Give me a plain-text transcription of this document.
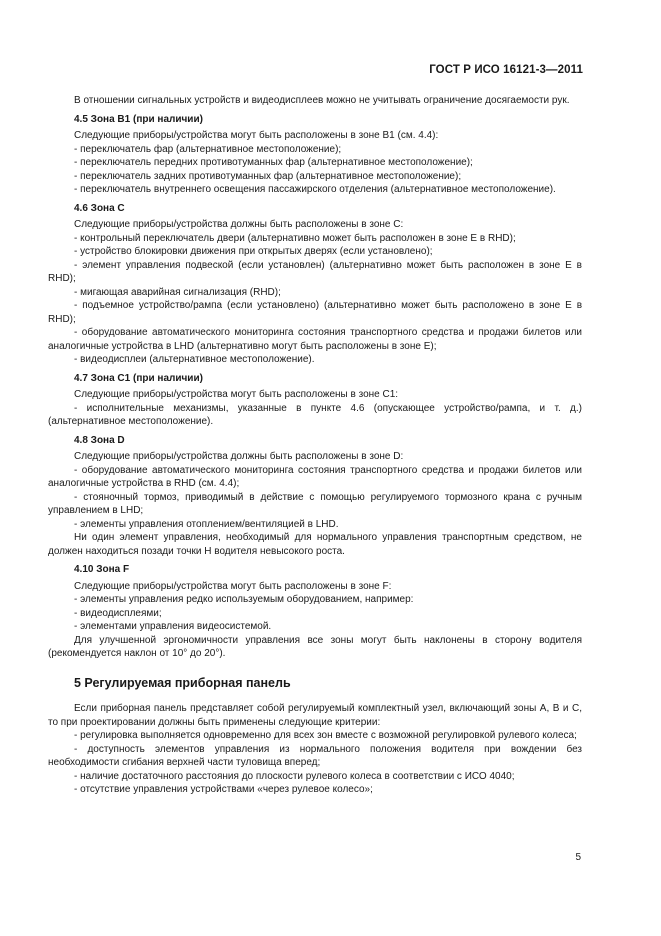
ГОСТ Р ИСО 16121-3—2011

В отношении сигнальных устройств и видеодисплеев можно не учитывать ограничение досягаемости рук.

4.5 Зона B1 (при наличии)

Следующие приборы/устройства могут быть расположены в зоне B1 (см. 4.4):

- переключатель фар (альтернативное местоположение);

- переключатель передних противотуманных фар (альтернативное местоположение);

- переключатель задних противотуманных фар (альтернативное местоположение);

- переключатель внутреннего освещения пассажирского отделения (альтернативное местоположение).

4.6 Зона C

Следующие приборы/устройства должны быть расположены в зоне C:

- контрольный переключатель двери (альтернативно может быть расположен в зоне E в RHD);

- устройство блокировки движения при открытых дверях (если установлено);

- элемент управления подвеской (если установлен) (альтернативно может быть расположен в зоне E в RHD);

- мигающая аварийная сигнализация (RHD);

- подъемное устройство/рампа (если установлено) (альтернативно может быть расположено в зоне E в RHD);

- оборудование автоматического мониторинга состояния транспортного средства и продажи билетов или аналогичные устройства в LHD (альтернативно могут быть расположены в зоне E);

- видеодисплеи (альтернативное местоположение).

4.7 Зона C1 (при наличии)

Следующие приборы/устройства могут быть расположены в зоне C1:

- исполнительные механизмы, указанные в пункте 4.6 (опускающее устройство/рампа, и т. д.) (альтернативное местоположение).

4.8 Зона D

Следующие приборы/устройства должны быть расположены в зоне D:

- оборудование автоматического мониторинга состояния транспортного средства и продажи билетов или аналогичные устройства в RHD (см. 4.4);

- стояночный тормоз, приводимый в действие с помощью регулируемого тормозного крана с ручным управлением в LHD;

- элементы управления отоплением/вентиляцией в LHD.

Ни один элемент управления, необходимый для нормального управления транспортным средством, не должен находиться позади точки H водителя невысокого роста.

4.10 Зона F

Следующие приборы/устройства могут быть расположены в зоне F:

- элементы управления редко используемым оборудованием, например:

- видеодисплеями;

- элементами управления видеосистемой.

Для улучшенной эргономичности управления все зоны могут быть наклонены в сторону водителя (рекомендуется наклон от 10° до 20°).

5 Регулируемая приборная панель

Если приборная панель представляет собой регулируемый комплектный узел, включающий зоны A, B и C, то при проектировании должны быть применены следующие критерии:

- регулировка выполняется одновременно для всех зон вместе с возможной регулировкой рулевого колеса;

- доступность элементов управления из нормального положения водителя при вождении без необходимости сгибания верхней части туловища вперед;

- наличие достаточного расстояния до плоскости рулевого колеса в соответствии с ИСО 4040;

- отсутствие управления устройствами «через рулевое колесо»;

5
